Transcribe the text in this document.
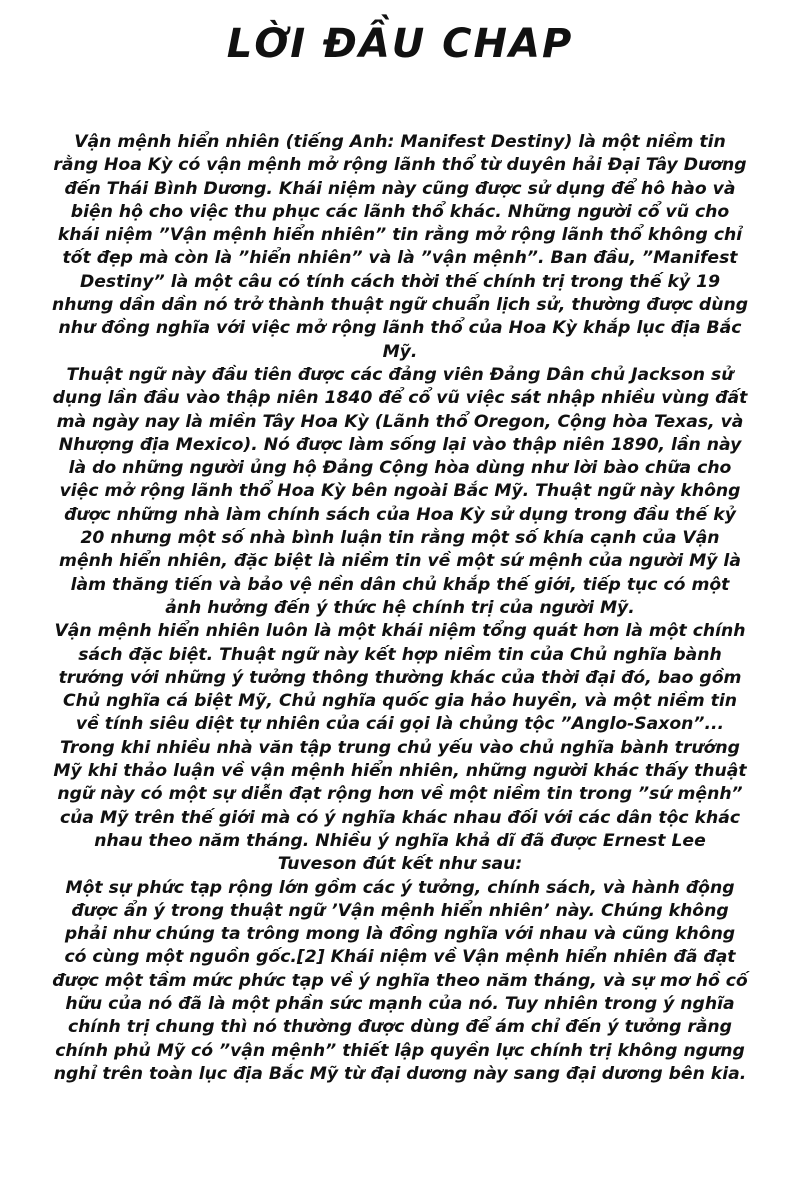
LỜI ĐẦU CHAP

Vận mệnh hiển nhiên (tiếng Anh: Manifest Destiny) là một niềm tin rằng Hoa Kỳ có vận mệnh mở rộng lãnh thổ từ duyên hải Đại Tây Dương đến Thái Bình Dương. Khái niệm này cũng được sử dụng để hô hào và biện hộ cho việc thu phục các lãnh thổ khác. Những người cổ vũ cho khái niệm ”Vận mệnh hiển nhiên” tin rằng mở rộng lãnh thổ không chỉ tốt đẹp mà còn là ”hiển nhiên” và là ”vận mệnh”. Ban đầu, ”Manifest Destiny” là một câu có tính cách thời thế chính trị trong thế kỷ 19 nhưng dần dần nó trở thành thuật ngữ chuẩn lịch sử, thường được dùng như đồng nghĩa với việc mở rộng lãnh thổ của Hoa Kỳ khắp lục địa Bắc Mỹ.

Thuật ngữ này đầu tiên được các đảng viên Đảng Dân chủ Jackson sử dụng lần đầu vào thập niên 1840 để cổ vũ việc sát nhập nhiều vùng đất mà ngày nay là miền Tây Hoa Kỳ (Lãnh thổ Oregon, Cộng hòa Texas, và Nhượng địa Mexico). Nó được làm sống lại vào thập niên 1890, lần này là do những người ủng hộ Đảng Cộng hòa dùng như lời bào chữa cho việc mở rộng lãnh thổ Hoa Kỳ bên ngoài Bắc Mỹ. Thuật ngữ này không được những nhà làm chính sách của Hoa Kỳ sử dụng trong đầu thế kỷ 20 nhưng một số nhà bình luận tin rằng một số khía cạnh của Vận mệnh hiển nhiên, đặc biệt là niềm tin về một sứ mệnh của người Mỹ là làm thăng tiến và bảo vệ nền dân chủ khắp thế giới, tiếp tục có một ảnh hưởng đến ý thức hệ chính trị của người Mỹ.

Vận mệnh hiển nhiên luôn là một khái niệm tổng quát hơn là một chính sách đặc biệt. Thuật ngữ này kết hợp niềm tin của Chủ nghĩa bành trướng với những ý tưởng thông thường khác của thời đại đó, bao gồm Chủ nghĩa cá biệt Mỹ, Chủ nghĩa quốc gia hảo huyền, và một niềm tin về tính siêu diệt tự nhiên của cái gọi là chủng tộc ”Anglo-Saxon”... Trong khi nhiều nhà văn tập trung chủ yếu vào chủ nghĩa bành trướng Mỹ khi thảo luận về vận mệnh hiển nhiên, những người khác thấy thuật ngữ này có một sự diễn đạt rộng hơn về một niềm tin trong ”sứ mệnh” của Mỹ trên thế giới mà có ý nghĩa khác nhau đối với các dân tộc khác nhau theo năm tháng. Nhiều ý nghĩa khả dĩ đã được Ernest Lee Tuveson đút kết như sau:

Một sự phức tạp rộng lớn gồm các ý tưởng, chính sách, và hành động được ẩn ý trong thuật ngữ ’Vận mệnh hiển nhiên’ này. Chúng không phải như chúng ta trông mong là đồng nghĩa với nhau và cũng không có cùng một nguồn gốc.[2] Khái niệm về Vận mệnh hiển nhiên đã đạt được một tầm mức phức tạp về ý nghĩa theo năm tháng, và sự mơ hồ cố hữu của nó đã là một phần sức mạnh của nó. Tuy nhiên trong ý nghĩa chính trị chung thì nó thường được dùng để ám chỉ đến ý tưởng rằng chính phủ Mỹ có ”vận mệnh” thiết lập quyền lực chính trị không ngưng nghỉ trên toàn lục địa Bắc Mỹ từ đại dương này sang đại dương bên kia.
